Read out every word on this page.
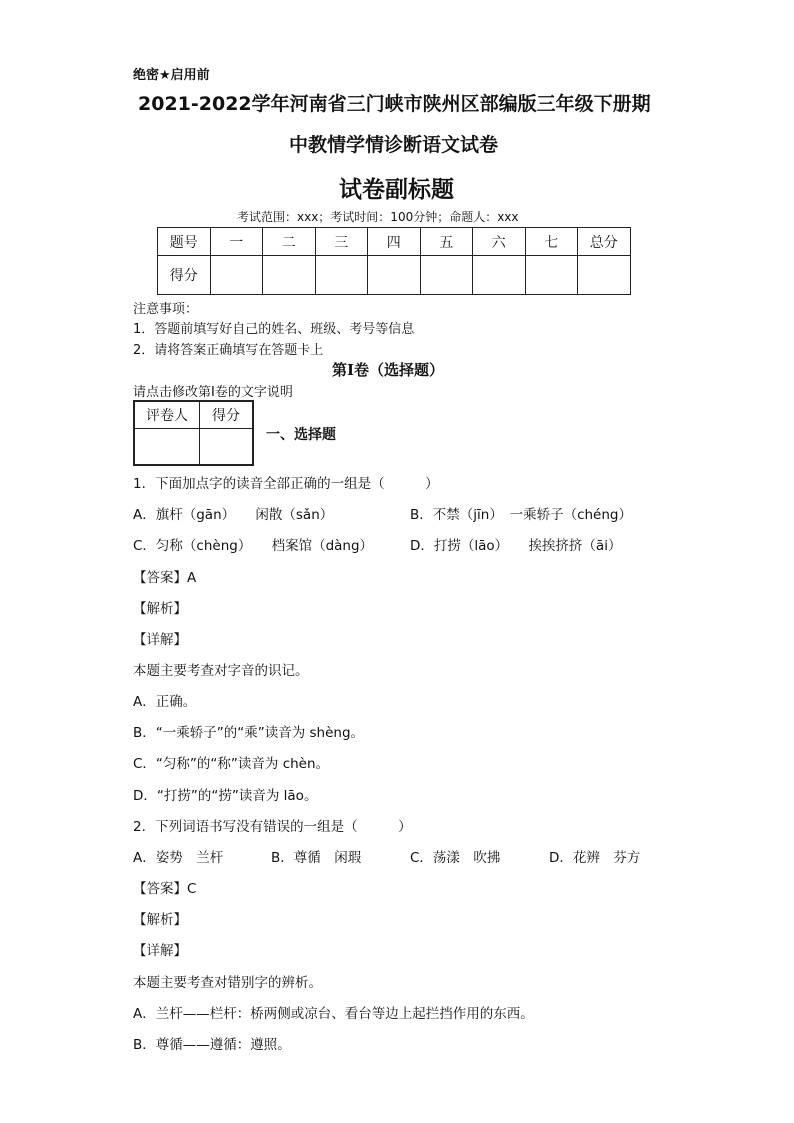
绝密★启用前
2021-2022学年河南省三门峡市陕州区部编版三年级下册期
中教情学情诊断语文试卷
试卷副标题
考试范围：xxx；考试时间：100分钟；命题人：xxx
题号	一	二	三	四	五	六	七	总分
得分								
注意事项：
1．答题前填写好自己的姓名、班级、考号等信息
2．请将答案正确填写在答题卡上
第I卷（选择题）
请点击修改第I卷的文字说明
评卷人	得分

一、选择题
1．下面加点字的读音全部正确的一组是（　　　）
A．旗杆（gān）　　闲散（sǎn）	B．不禁（jīn）　一乘轿子（chéng）
C．匀称（chèng）　　档案馆（dàng）	D．打捞（lāo）　　挨挨挤挤（āi）
【答案】A
【解析】
【详解】
本题主要考查对字音的识记。
A．正确。
B．“一乘轿子”的“乘”读音为 shèng。
C．“匀称”的“称”读音为 chèn。
D．“打捞”的“捞”读音为 lāo。
2．下列词语书写没有错误的一组是（　　　）
A．姿势　兰杆	B．尊循　闲瑕	C．荡漾　吹拂	D．花辨　芬方
【答案】C
【解析】
【详解】
本题主要考查对错别字的辨析。
A．兰杆——栏杆：桥两侧或凉台、看台等边上起拦挡作用的东西。
B．尊循——遵循：遵照。
